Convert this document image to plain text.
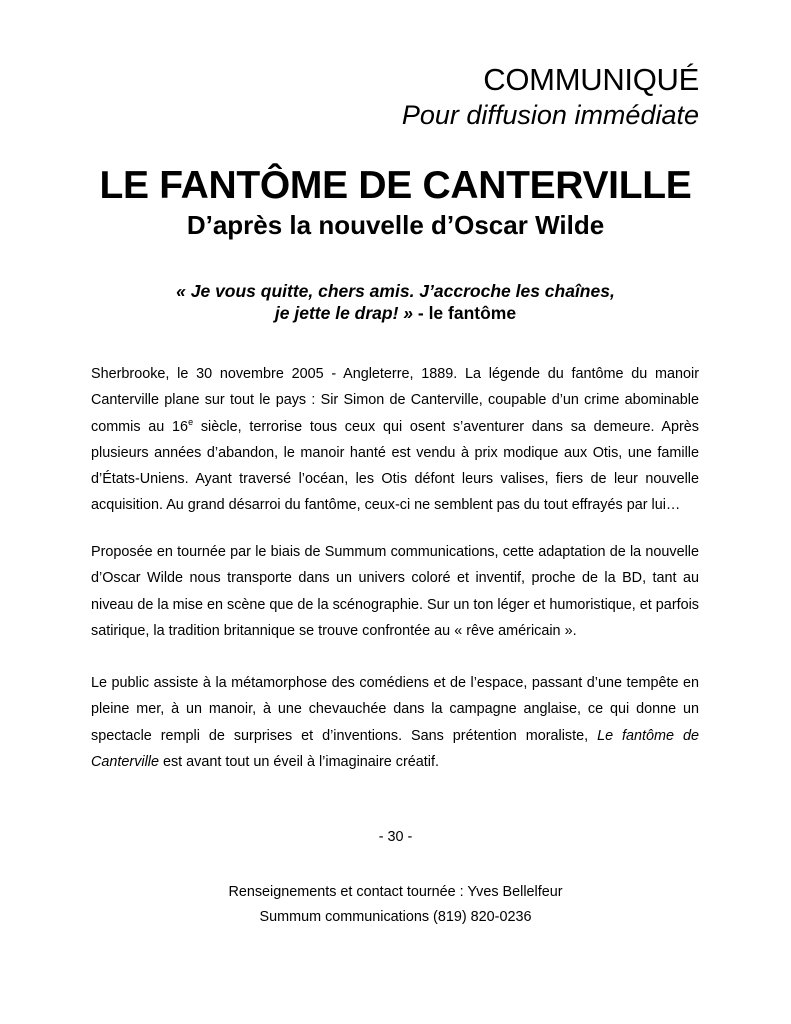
COMMUNIQUÉ
Pour diffusion immédiate
LE FANTÔME DE CANTERVILLE
D’après la nouvelle d’Oscar Wilde
« Je vous quitte, chers amis. J’accroche les chaînes,
je jette le drap! » - le fantôme

Sherbrooke, le 30 novembre 2005 - Angleterre, 1889. La légende du fantôme du manoir Canterville plane sur tout le pays : Sir Simon de Canterville, coupable d’un crime abominable commis au 16e siècle, terrorise tous ceux qui osent s’aventurer dans sa demeure. Après plusieurs années d’abandon, le manoir hanté est vendu à prix modique aux Otis, une famille d’États-Uniens. Ayant traversé l’océan, les Otis défont leurs valises, fiers de leur nouvelle acquisition. Au grand désarroi du fantôme, ceux-ci ne semblent pas du tout effrayés par lui…

Proposée en tournée par le biais de Summum communications, cette adaptation de la nouvelle d’Oscar Wilde nous transporte dans un univers coloré et inventif, proche de la BD, tant au niveau de la mise en scène que de la scénographie. Sur un ton léger et humoristique, et parfois satirique, la tradition britannique se trouve confrontée au « rêve américain ».

Le public assiste à la métamorphose des comédiens et de l’espace, passant d’une tempête en pleine mer, à un manoir, à une chevauchée dans la campagne anglaise, ce qui donne un spectacle rempli de surprises et d’inventions. Sans prétention moraliste, Le fantôme de Canterville est avant tout un éveil à l’imaginaire créatif.

- 30 -
Renseignements et contact tournée : Yves Bellelfeur
Summum communications (819) 820-0236
